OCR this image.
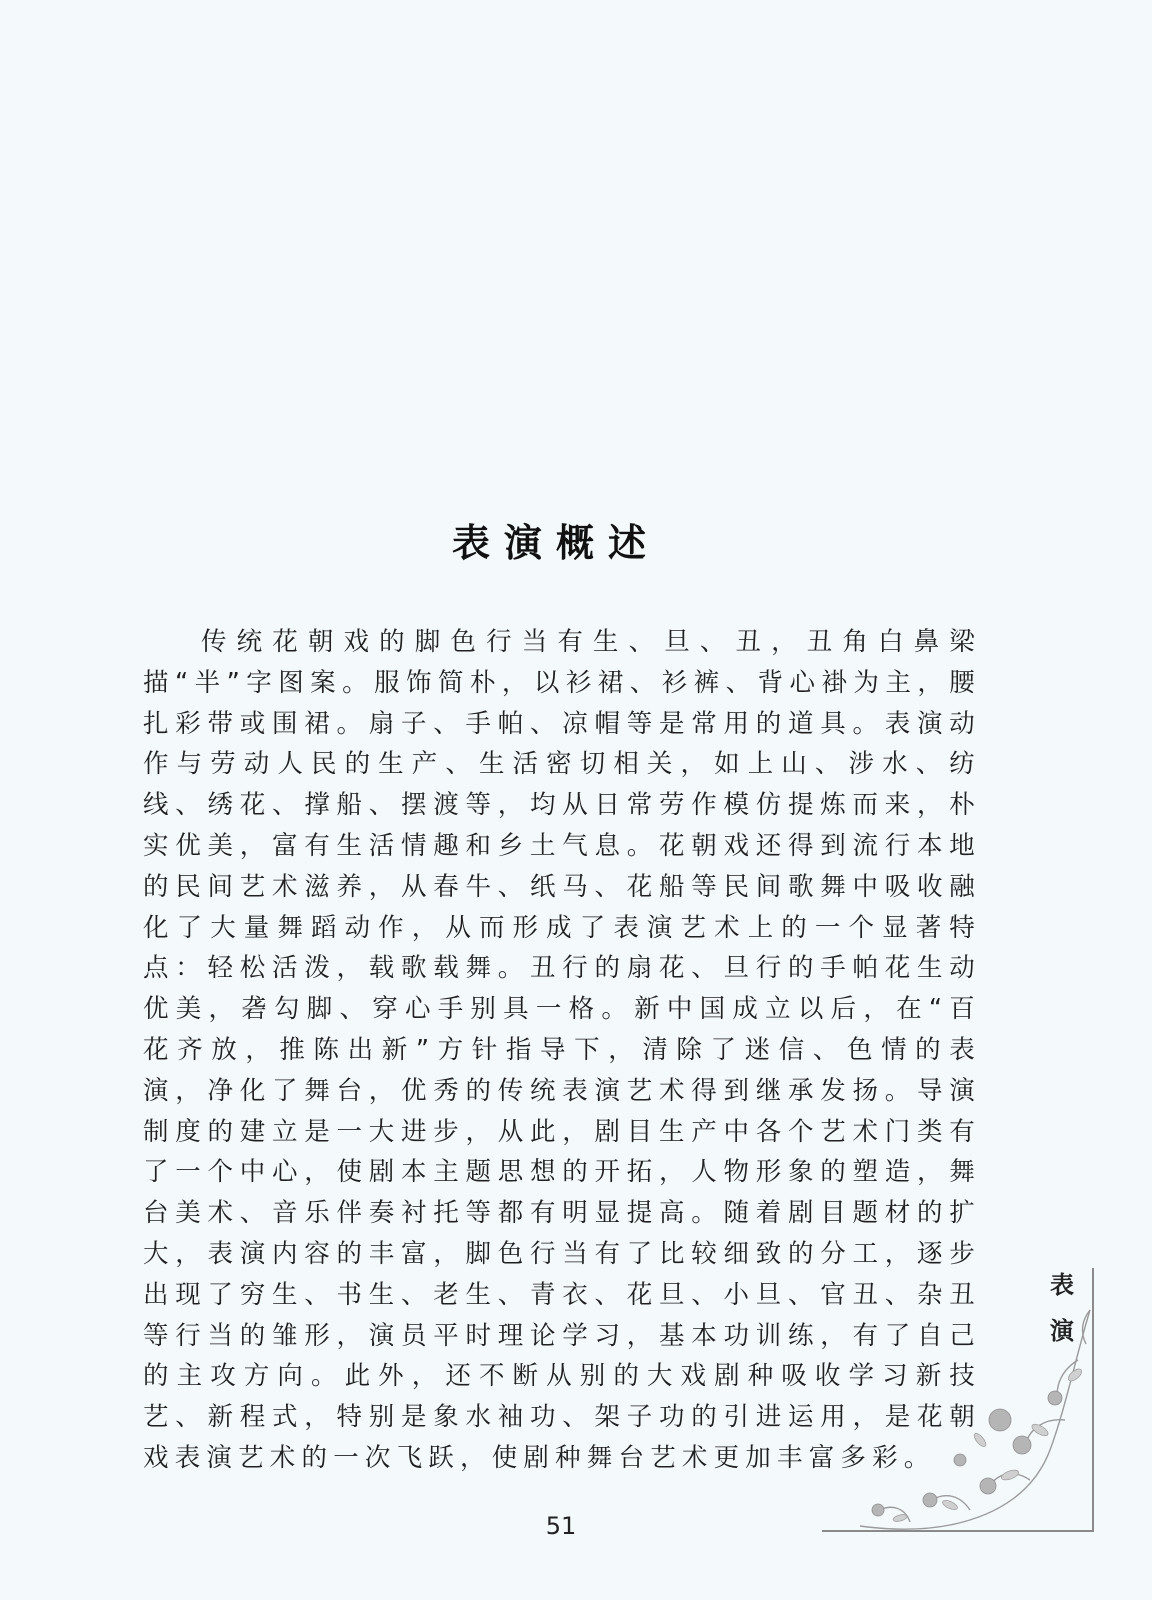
表演概述

传统花朝戏的脚色行当有生、旦、丑，丑角白鼻梁描“半”字图案。服饰简朴，以衫裙、衫裤、背心褂为主，腰扎彩带或围裙。扇子、手帕、凉帽等是常用的道具。表演动作与劳动人民的生产、生活密切相关，如上山、涉水、纺线、绣花、撑船、摆渡等，均从日常劳作模仿提炼而来，朴实优美，富有生活情趣和乡土气息。花朝戏还得到流行本地的民间艺术滋养，从春牛、纸马、花船等民间歌舞中吸收融化了大量舞蹈动作，从而形成了表演艺术上的一个显著特点：轻松活泼，载歌载舞。丑行的扇花、旦行的手帕花生动优美，砻勾脚、穿心手别具一格。新中国成立以后，在“百花齐放，推陈出新”方针指导下，清除了迷信、色情的表演，净化了舞台，优秀的传统表演艺术得到继承发扬。导演制度的建立是一大进步，从此，剧目生产中各个艺术门类有了一个中心，使剧本主题思想的开拓，人物形象的塑造，舞台美术、音乐伴奏衬托等都有明显提高。随着剧目题材的扩大，表演内容的丰富，脚色行当有了比较细致的分工，逐步出现了穷生、书生、老生、青衣、花旦、小旦、官丑、杂丑等行当的雏形，演员平时理论学习，基本功训练，有了自己的主攻方向。此外，还不断从别的大戏剧种吸收学习新技艺、新程式，特别是象水袖功、架子功的引进运用，是花朝戏表演艺术的一次飞跃，使剧种舞台艺术更加丰富多彩。

表
演
51
